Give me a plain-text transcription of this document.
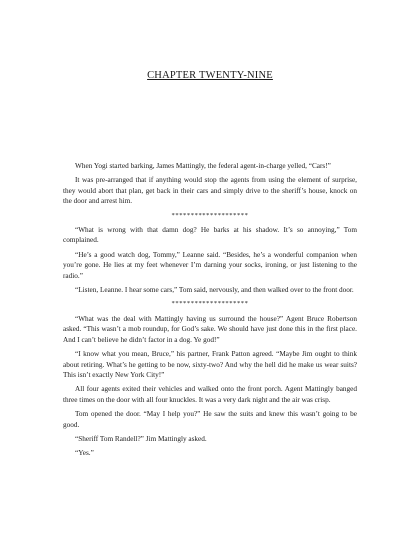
CHAPTER TWENTY-NINE

When Yogi started barking, James Mattingly, the federal agent-in-charge yelled, “Cars!”

It was pre-arranged that if anything would stop the agents from using the element of surprise, they would abort that plan, get back in their cars and simply drive to the sheriff’s house, knock on the door and arrest him.

********************

“What is wrong with that damn dog? He barks at his shadow. It’s so annoying,” Tom complained.

“He’s a good watch dog, Tommy,” Leanne said. “Besides, he’s a wonderful companion when you’re gone. He lies at my feet whenever I’m darning your socks, ironing, or just listening to the radio.”

“Listen, Leanne. I hear some cars,” Tom said, nervously, and then walked over to the front door.

********************

“What was the deal with Mattingly having us surround the house?” Agent Bruce Robertson asked. “This wasn’t a mob roundup, for God’s sake. We should have just done this in the first place. And I can’t believe he didn’t factor in a dog. Ye god!”

“I know what you mean, Bruce,” his partner, Frank Patton agreed. “Maybe Jim ought to think about retiring. What’s he getting to be now, sixty-two? And why the hell did he make us wear suits? This isn’t exactly New York City!”

All four agents exited their vehicles and walked onto the front porch. Agent Mattingly banged three times on the door with all four knuckles. It was a very dark night and the air was crisp.

Tom opened the door. “May I help you?” He saw the suits and knew this wasn’t going to be good.

“Sheriff Tom Randell?” Jim Mattingly asked.

“Yes.”
